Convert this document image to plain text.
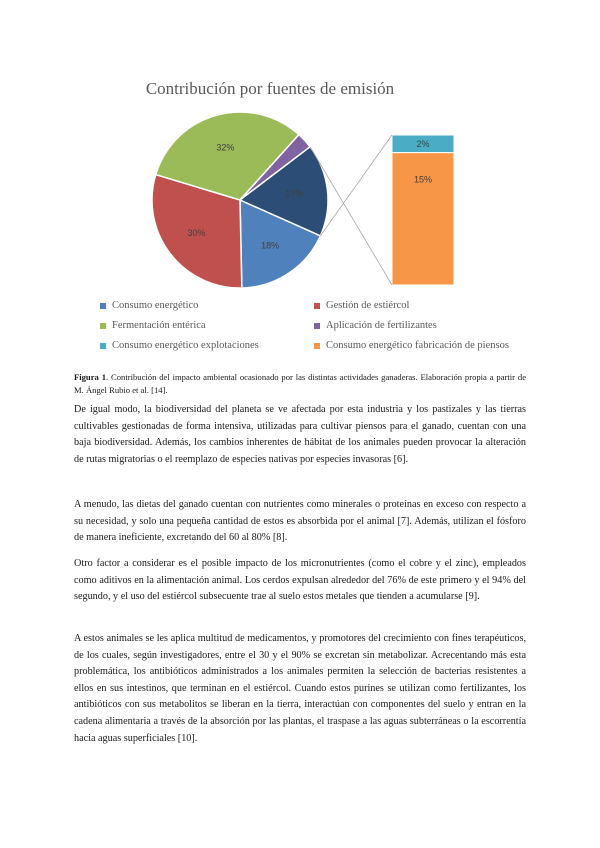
Contribución por fuentes de emisión
18%
30%
32%
17%
2%
15%
Consumo energético	Gestión de estiércol
Fermentación entérica	Aplicación de fertilizantes
Consumo energético explotaciones	Consumo energético fabricación de piensos
Figura 1. Contribución del impacto ambiental ocasionado por las distintas actividades ganaderas. Elaboración propia a partir de M. Ángel Rubio et al. [14].

De igual modo, la biodiversidad del planeta se ve afectada por esta industria y los pastizales y las tierras cultivables gestionadas de forma intensiva, utilizadas para cultivar piensos para el ganado, cuentan con una baja biodiversidad. Además, los cambios inherentes de hábitat de los animales pueden provocar la alteración de rutas migratorias o el reemplazo de especies nativas por especies invasoras [6].

A menudo, las dietas del ganado cuentan con nutrientes como minerales o proteínas en exceso con respecto a su necesidad, y solo una pequeña cantidad de estos es absorbida por el animal [7]. Además, utilizan el fósforo de manera ineficiente, excretando del 60 al 80% [8].

Otro factor a considerar es el posible impacto de los micronutrientes (como el cobre y el zinc), empleados como aditivos en la alimentación animal. Los cerdos expulsan alrededor del 76% de este primero y el 94% del segundo, y el uso del estiércol subsecuente trae al suelo estos metales que tienden a acumularse [9].

A estos animales se les aplica multitud de medicamentos, y promotores del crecimiento con fines terapéuticos, de los cuales, según investigadores, entre el 30 y el 90% se excretan sin metabolizar. Acrecentando más esta problemática, los antibióticos administrados a los animales permiten la selección de bacterias resistentes a ellos en sus intestinos, que terminan en el estiércol. Cuando estos purines se utilizan como fertilizantes, los antibióticos con sus metabolitos se liberan en la tierra, interactúan con componentes del suelo y entran en la cadena alimentaria a través de la absorción por las plantas, el traspase a las aguas subterráneas o la escorrentía hacia aguas superficiales [10].
